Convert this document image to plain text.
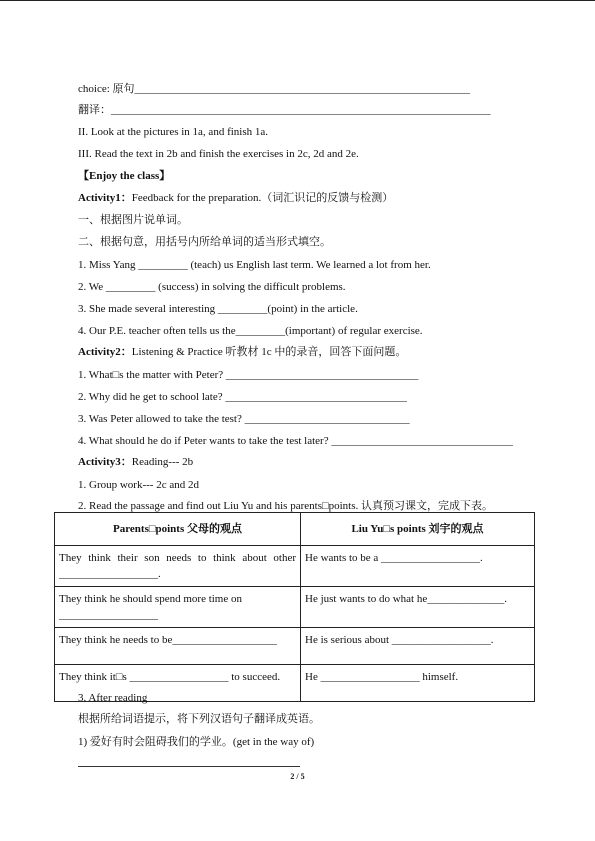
choice: 原句_____________________________________________________________
翻译：_____________________________________________________________________
II. Look at the pictures in 1a, and finish 1a.
III. Read the text in 2b and finish the exercises in 2c, 2d and 2e.
【Enjoy the class】
Activity1：Feedback for the preparation.（词汇识记的反馈与检测）
一、根据图片说单词。
二、根据句意，用括号内所给单词的适当形式填空。
1. Miss Yang _________ (teach) us English last term. We learned a lot from her.
2. We _________ (success) in solving the difficult problems.
3. She made several interesting _________(point) in the article.
4. Our P.E. teacher often tells us the_________(important) of regular exercise.
Activity2：Listening & Practice 听教材 1c 中的录音，回答下面问题。
1. What□s the matter with Peter? ___________________________________
2. Why did he get to school late? _________________________________
3. Was Peter allowed to take the test? ______________________________
4. What should he do if Peter wants to take the test later? _________________________________
Activity3：Reading--- 2b
1. Group work--- 2c and 2d
2. Read the passage and find out Liu Yu and his parents□points. 认真预习课文，完成下表。
Parents□points 父母的观点	Liu Yu□s points 刘宇的观点
They think their son needs to think about other __________________.	He wants to be a __________________.
They think he should spend more time on __________________	He just wants to do what he______________.
They think he needs to be___________________	He is serious about __________________.
They think it□s __________________ to succeed.	He __________________ himself.
3. After reading
根据所给词语提示，将下列汉语句子翻译成英语。
1) 爱好有时会阻碍我们的学业。(get in the way of)
2 / 5
